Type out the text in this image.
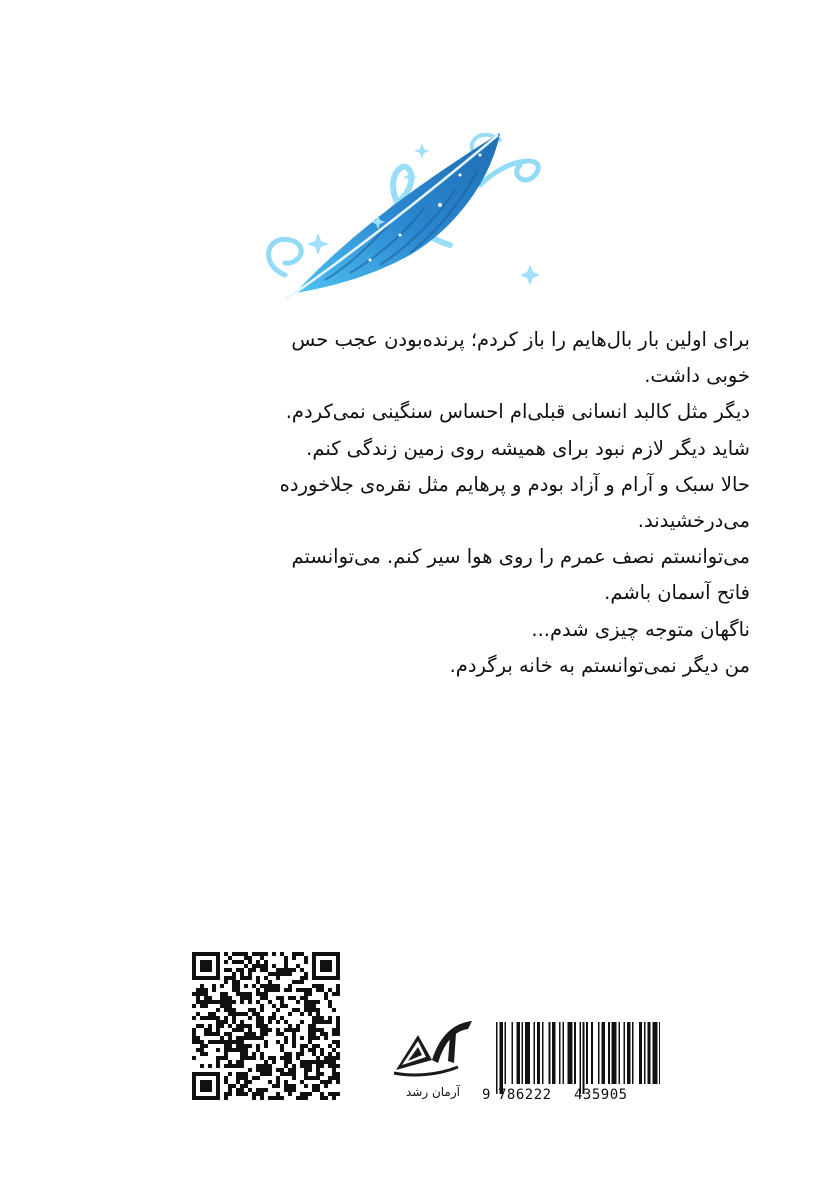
برای اولین بار بال‌هایم را باز کردم؛ پرنده‌بودن عجب حس
خوبی داشت.
دیگر مثل کالبد انسانی قبلی‌ام احساس سنگینی نمی‌کردم.
شاید دیگر لازم نبود برای همیشه روی زمین زندگی کنم.
حالا سبک و آرام و آزاد بودم و پرهایم مثل نقره‌ی جلاخورده
می‌درخشیدند.
می‌توانستم نصف عمرم را روی هوا سیر کنم. می‌توانستم
فاتح آسمان باشم.
ناگهان متوجه چیزی شدم...
من دیگر نمی‌توانستم به خانه برگردم.
آرمان رشد	9 786222 435905
